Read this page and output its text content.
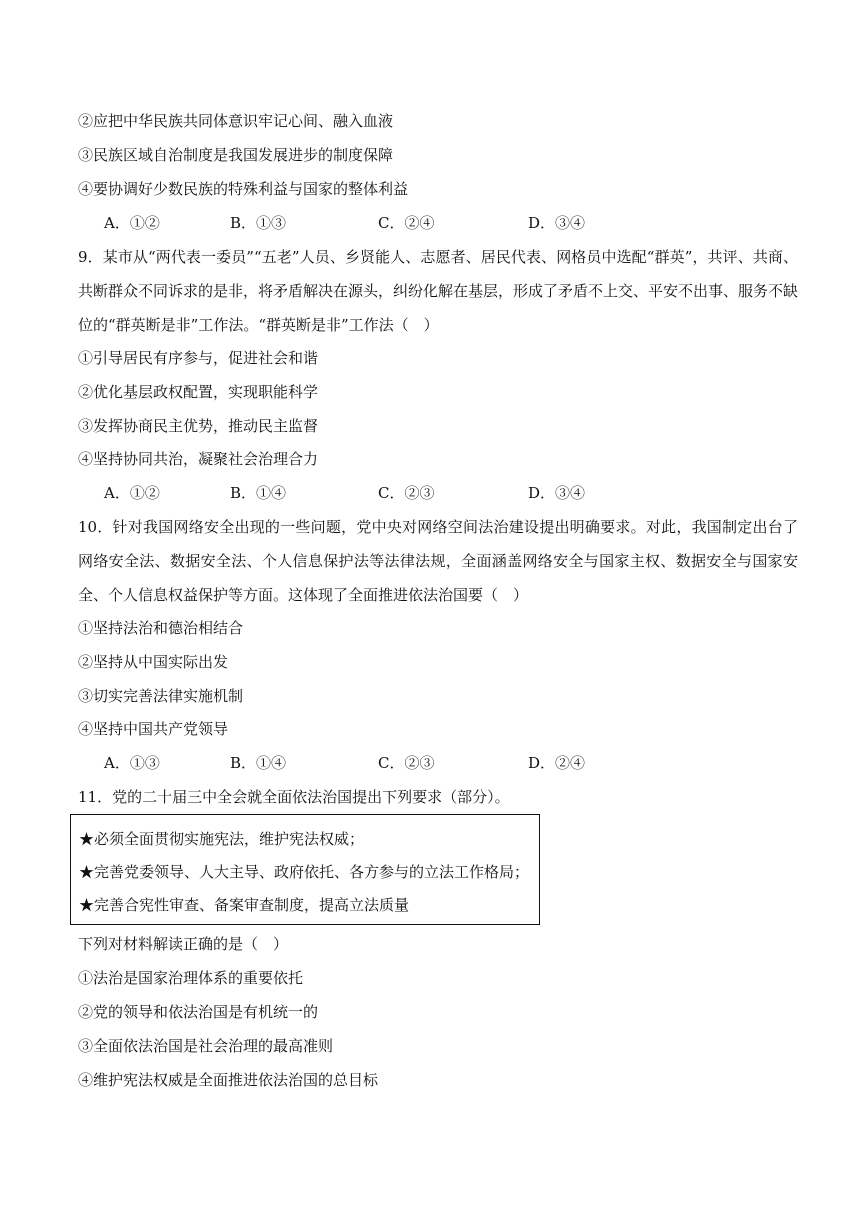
②应把中华民族共同体意识牢记心间、融入血液
③民族区域自治制度是我国发展进步的制度保障
④要协调好少数民族的特殊利益与国家的整体利益
A．①②	B．①③	C．②④	D．③④
9．某市从“两代表一委员”“五老”人员、乡贤能人、志愿者、居民代表、网格员中选配“群英”，共评、共商、共断群众不同诉求的是非，将矛盾解决在源头，纠纷化解在基层，形成了矛盾不上交、平安不出事、服务不缺位的“群英断是非”工作法。“群英断是非”工作法（　）
①引导居民有序参与，促进社会和谐
②优化基层政权配置，实现职能科学
③发挥协商民主优势，推动民主监督
④坚持协同共治，凝聚社会治理合力
A．①②	B．①④	C．②③	D．③④
10．针对我国网络安全出现的一些问题，党中央对网络空间法治建设提出明确要求。对此，我国制定出台了网络安全法、数据安全法、个人信息保护法等法律法规，全面涵盖网络安全与国家主权、数据安全与国家安全、个人信息权益保护等方面。这体现了全面推进依法治国要（　）
①坚持法治和德治相结合
②坚持从中国实际出发
③切实完善法律实施机制
④坚持中国共产党领导
A．①③	B．①④	C．②③	D．②④
11．党的二十届三中全会就全面依法治国提出下列要求（部分）。
★必须全面贯彻实施宪法，维护宪法权威；
★完善党委领导、人大主导、政府依托、各方参与的立法工作格局；
★完善合宪性审查、备案审查制度，提高立法质量
下列对材料解读正确的是（　）
①法治是国家治理体系的重要依托
②党的领导和依法治国是有机统一的
③全面依法治国是社会治理的最高准则
④维护宪法权威是全面推进依法治国的总目标
